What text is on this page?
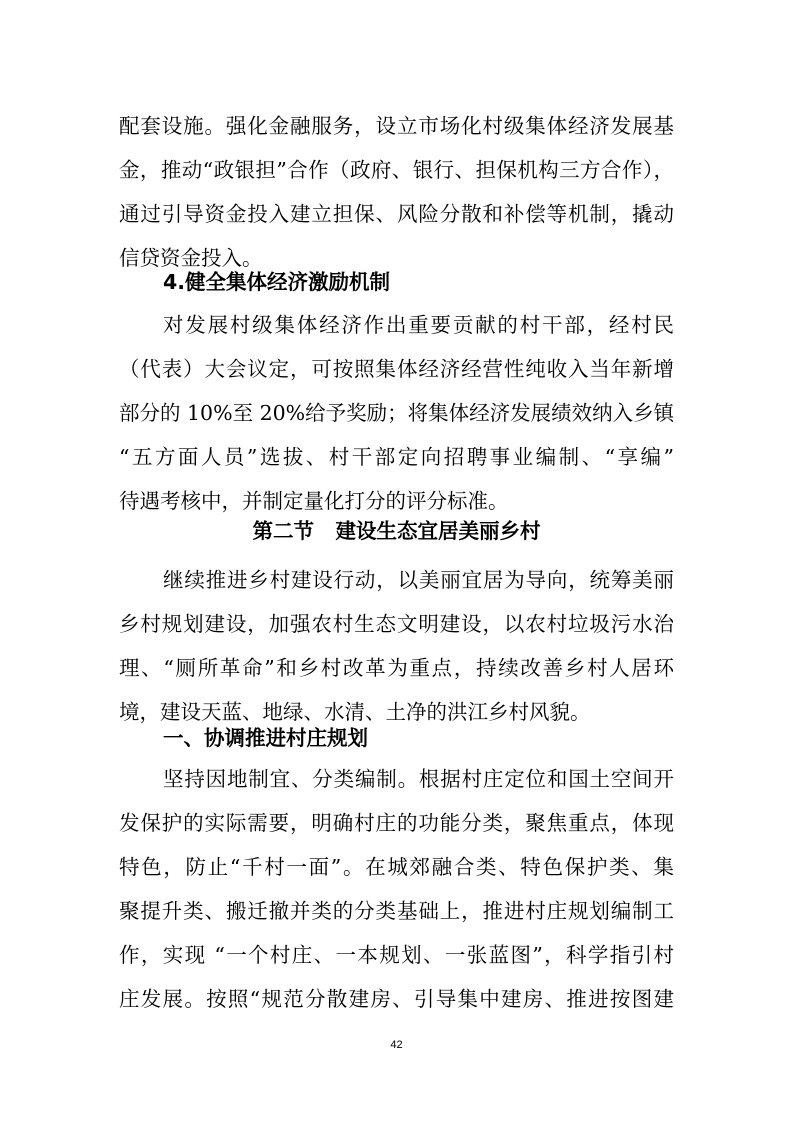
配套设施。强化金融服务，设立市场化村级集体经济发展基
金，推动“政银担”合作（政府、银行、担保机构三方合作），
通过引导资金投入建立担保、风险分散和补偿等机制，撬动
信贷资金投入。
4.健全集体经济激励机制
对发展村级集体经济作出重要贡献的村干部，经村民
（代表）大会议定，可按照集体经济经营性纯收入当年新增
部分的 10%至 20%给予奖励；将集体经济发展绩效纳入乡镇
“五方面人员”选拔、村干部定向招聘事业编制、“享编”
待遇考核中，并制定量化打分的评分标准。
第二节   建设生态宜居美丽乡村
继续推进乡村建设行动，以美丽宜居为导向，统筹美丽
乡村规划建设，加强农村生态文明建设，以农村垃圾污水治
理、“厕所革命”和乡村改革为重点，持续改善乡村人居环
境，建设天蓝、地绿、水清、土净的洪江乡村风貌。
一、协调推进村庄规划
坚持因地制宜、分类编制。根据村庄定位和国土空间开
发保护的实际需要，明确村庄的功能分类，聚焦重点，体现
特色，防止“千村一面”。在城郊融合类、特色保护类、集
聚提升类、搬迁撤并类的分类基础上，推进村庄规划编制工
作，实现 “一个村庄、一本规划、一张蓝图”，科学指引村
庄发展。按照“规范分散建房、引导集中建房、推进按图建
42
